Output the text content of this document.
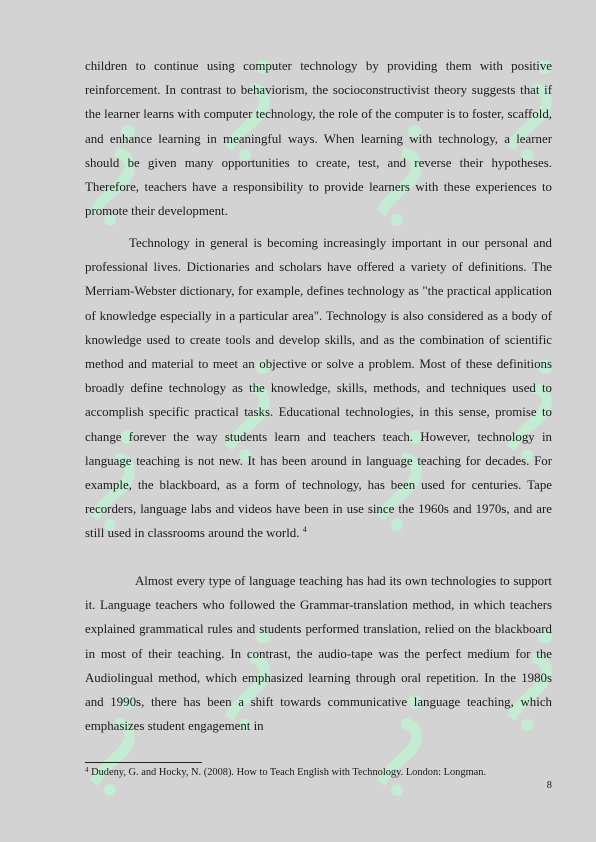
children to continue using computer technology by providing them with positive reinforcement. In contrast to behaviorism, the socioconstructivist theory suggests that if the learner learns with computer technology, the role of the computer is to foster, scaffold, and enhance learning in meaningful ways. When learning with technology, a learner should be given many opportunities to create, test, and reverse their hypotheses. Therefore, teachers have a responsibility to provide learners with these experiences to promote their development.

Technology in general is becoming increasingly important in our personal and professional lives. Dictionaries and scholars have offered a variety of definitions. The Merriam-Webster dictionary, for example, defines technology as "the practical application of knowledge especially in a particular area". Technology is also considered as a body of knowledge used to create tools and develop skills, and as the combination of scientific method and material to meet an objective or solve a problem. Most of these definitions broadly define technology as the knowledge, skills, methods, and techniques used to accomplish specific practical tasks. Educational technologies, in this sense, promise to change forever the way students learn and teachers teach. However, technology in language teaching is not new. It has been around in language teaching for decades. For example, the blackboard, as a form of technology, has been used for centuries. Tape recorders, language labs and videos have been in use since the 1960s and 1970s, and are still used in classrooms around the world. $^4$

Almost every type of language teaching has had its own technologies to support it. Language teachers who followed the Grammar-translation method, in which teachers explained grammatical rules and students performed translation, relied on the blackboard in most of their teaching. In contrast, the audio-tape was the perfect medium for the Audiolingual method, which emphasized learning through oral repetition. In the 1980s and 1990s, there has been a shift towards communicative language teaching, which emphasizes student engagement in

$^4$ Dudeny, G. and Hocky, N. (2008). How to Teach English with Technology. London: Longman.
8
